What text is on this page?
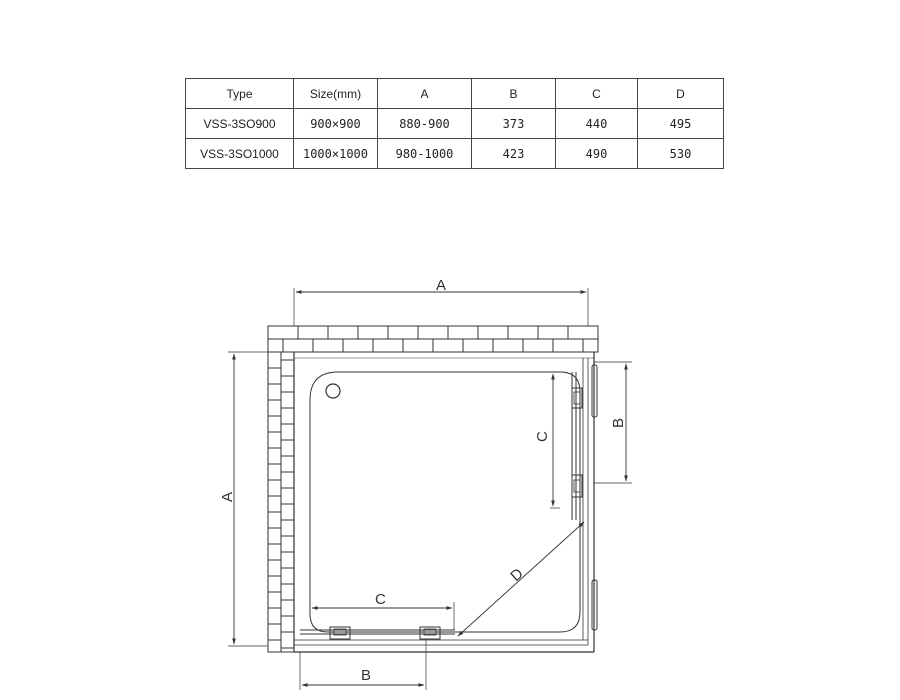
Type	Size(mm)	A	B	C	D
VSS-3SO900	900×900	880-900	373	440	495
VSS-3SO1000	1000×1000	980-1000	423	490	530
D
A
A
B
C
C
B
